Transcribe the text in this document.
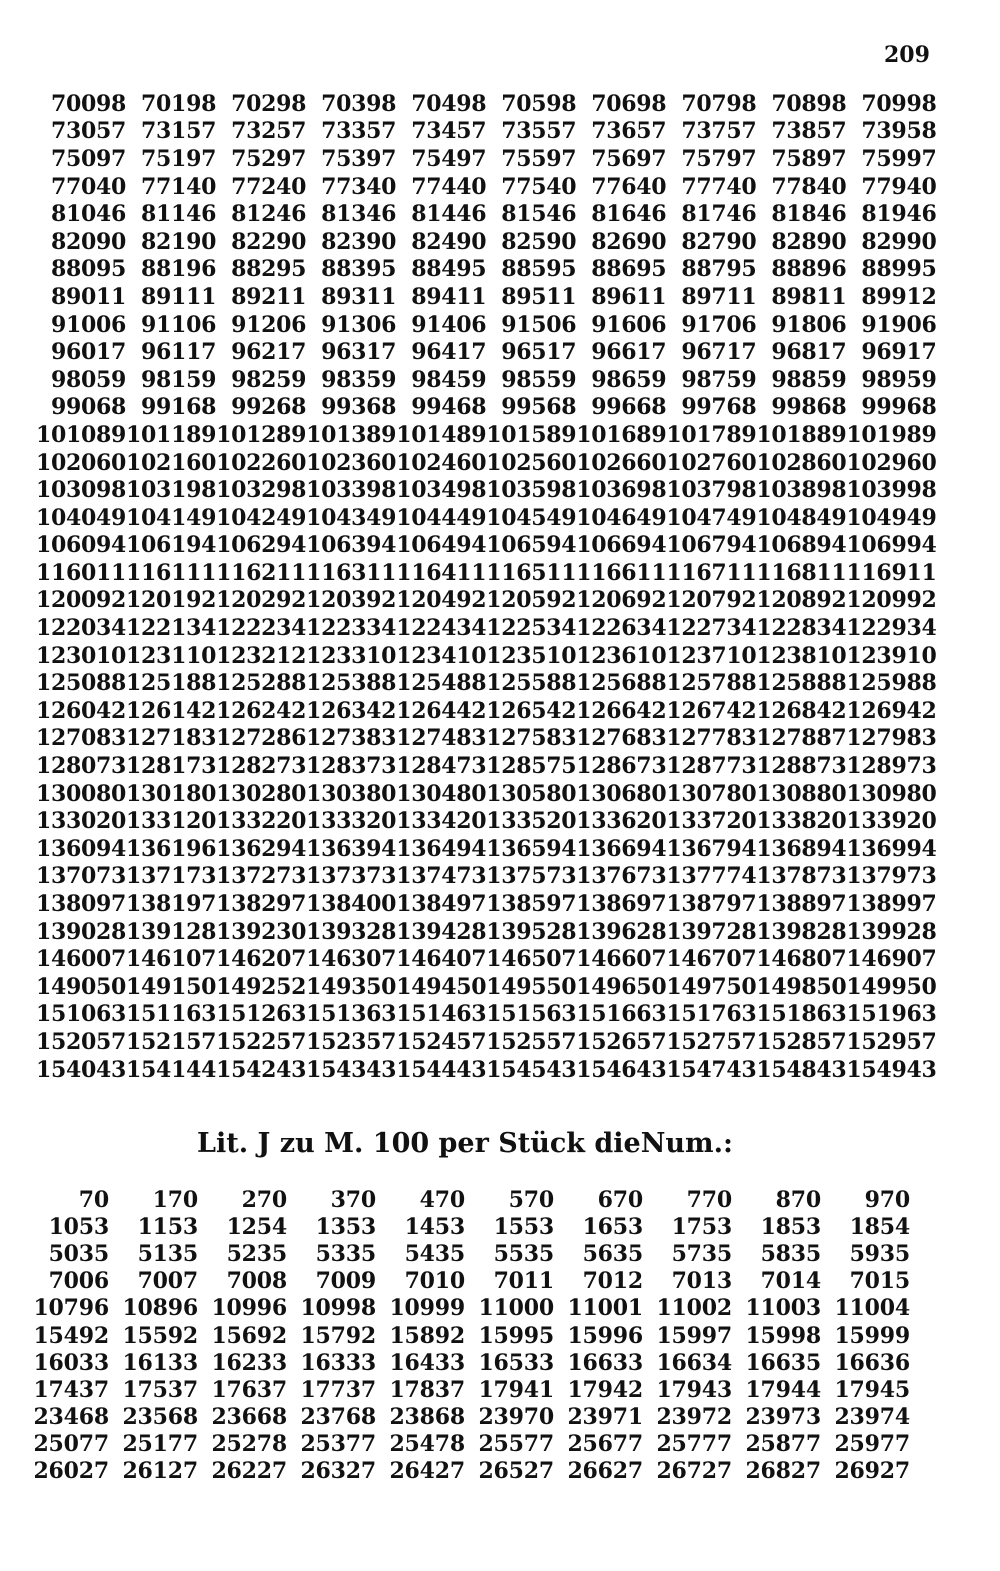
209
70098	70198	70298	70398	70498	70598	70698	70798	70898	70998
73057	73157	73257	73357	73457	73557	73657	73757	73857	73958
75097	75197	75297	75397	75497	75597	75697	75797	75897	75997
77040	77140	77240	77340	77440	77540	77640	77740	77840	77940
81046	81146	81246	81346	81446	81546	81646	81746	81846	81946
82090	82190	82290	82390	82490	82590	82690	82790	82890	82990
88095	88196	88295	88395	88495	88595	88695	88795	88896	88995
89011	89111	89211	89311	89411	89511	89611	89711	89811	89912
91006	91106	91206	91306	91406	91506	91606	91706	91806	91906
96017	96117	96217	96317	96417	96517	96617	96717	96817	96917
98059	98159	98259	98359	98459	98559	98659	98759	98859	98959
99068	99168	99268	99368	99468	99568	99668	99768	99868	99968
101089	101189	101289	101389	101489	101589	101689	101789	101889	101989
102060	102160	102260	102360	102460	102560	102660	102760	102860	102960
103098	103198	103298	103398	103498	103598	103698	103798	103898	103998
104049	104149	104249	104349	104449	104549	104649	104749	104849	104949
106094	106194	106294	106394	106494	106594	106694	106794	106894	106994
116011	116111	116211	116311	116411	116511	116611	116711	116811	116911
120092	120192	120292	120392	120492	120592	120692	120792	120892	120992
122034	122134	122234	122334	122434	122534	122634	122734	122834	122934
123010	123110	123212	123310	123410	123510	123610	123710	123810	123910
125088	125188	125288	125388	125488	125588	125688	125788	125888	125988
126042	126142	126242	126342	126442	126542	126642	126742	126842	126942
127083	127183	127286	127383	127483	127583	127683	127783	127887	127983
128073	128173	128273	128373	128473	128575	128673	128773	128873	128973
130080	130180	130280	130380	130480	130580	130680	130780	130880	130980
133020	133120	133220	133320	133420	133520	133620	133720	133820	133920
136094	136196	136294	136394	136494	136594	136694	136794	136894	136994
137073	137173	137273	137373	137473	137573	137673	137774	137873	137973
138097	138197	138297	138400	138497	138597	138697	138797	138897	138997
139028	139128	139230	139328	139428	139528	139628	139728	139828	139928
146007	146107	146207	146307	146407	146507	146607	146707	146807	146907
149050	149150	149252	149350	149450	149550	149650	149750	149850	149950
151063	151163	151263	151363	151463	151563	151663	151763	151863	151963
152057	152157	152257	152357	152457	152557	152657	152757	152857	152957
154043	154144	154243	154343	154443	154543	154643	154743	154843	154943
Lit. J zu M. 100 per Stück dieNum.:
70	170	270	370	470	570	670	770	870	970
1053	1153	1254	1353	1453	1553	1653	1753	1853	1854
5035	5135	5235	5335	5435	5535	5635	5735	5835	5935
7006	7007	7008	7009	7010	7011	7012	7013	7014	7015
10796	10896	10996	10998	10999	11000	11001	11002	11003	11004
15492	15592	15692	15792	15892	15995	15996	15997	15998	15999
16033	16133	16233	16333	16433	16533	16633	16634	16635	16636
17437	17537	17637	17737	17837	17941	17942	17943	17944	17945
23468	23568	23668	23768	23868	23970	23971	23972	23973	23974
25077	25177	25278	25377	25478	25577	25677	25777	25877	25977
26027	26127	26227	26327	26427	26527	26627	26727	26827	26927
